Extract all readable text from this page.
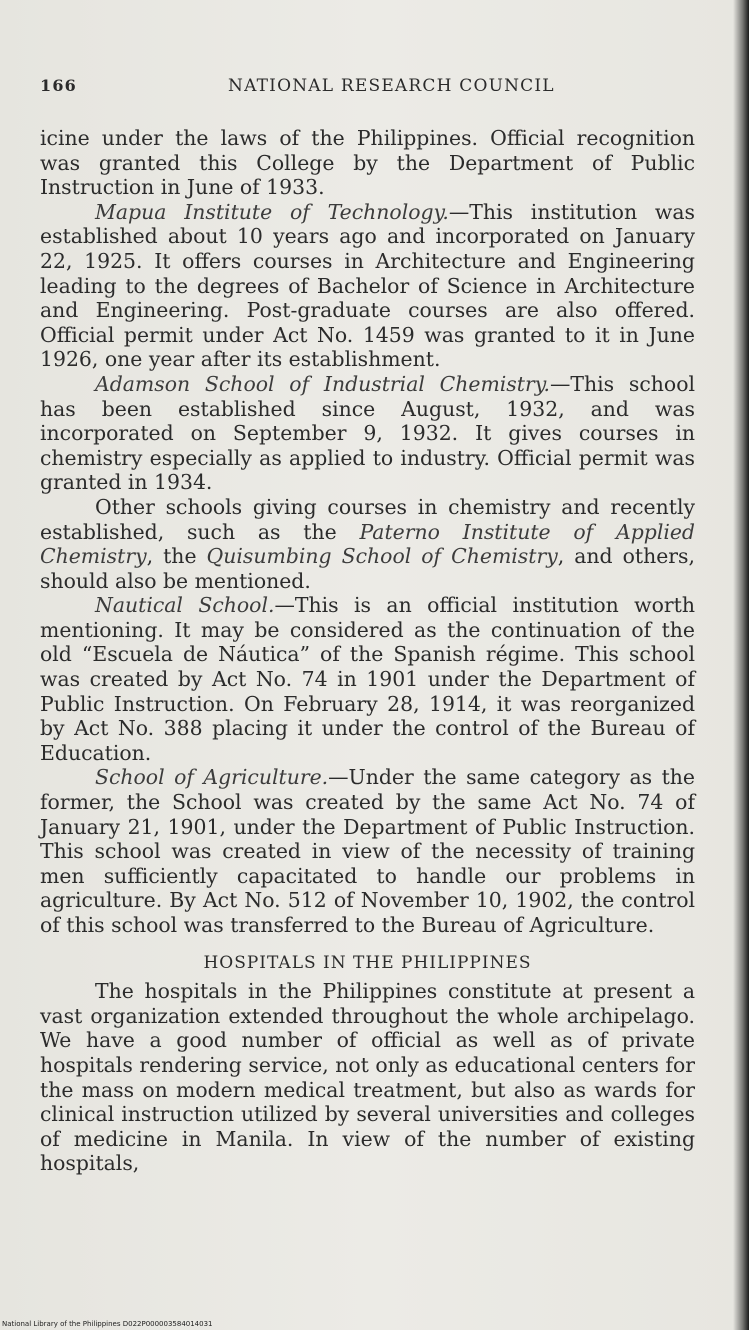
166	NATIONAL RESEARCH COUNCIL

icine under the laws of the Philippines. Official recognition was granted this College by the Department of Public Instruction in June of 1933.

Mapua Institute of Technology.—This institution was established about 10 years ago and incorporated on January 22, 1925. It offers courses in Architecture and Engineering leading to the degrees of Bachelor of Science in Architecture and Engineering. Post-graduate courses are also offered. Official permit under Act No. 1459 was granted to it in June 1926, one year after its establishment.

Adamson School of Industrial Chemistry.—This school has been established since August, 1932, and was incorporated on September 9, 1932. It gives courses in chemistry especially as applied to industry. Official permit was granted in 1934.

Other schools giving courses in chemistry and recently established, such as the Paterno Institute of Applied Chemistry, the Quisumbing School of Chemistry, and others, should also be mentioned.

Nautical School.—This is an official institution worth mentioning. It may be considered as the continuation of the old “Escuela de Náutica” of the Spanish régime. This school was created by Act No. 74 in 1901 under the Department of Public Instruction. On February 28, 1914, it was reorganized by Act No. 388 placing it under the control of the Bureau of Education.

School of Agriculture.—Under the same category as the former, the School was created by the same Act No. 74 of January 21, 1901, under the Department of Public Instruction. This school was created in view of the necessity of training men sufficiently capacitated to handle our problems in agriculture. By Act No. 512 of November 10, 1902, the control of this school was transferred to the Bureau of Agriculture.

HOSPITALS IN THE PHILIPPINES

The hospitals in the Philippines constitute at present a vast organization extended throughout the whole archipelago. We have a good number of official as well as of private hospitals rendering service, not only as educational centers for the mass on modern medical treatment, but also as wards for clinical instruction utilized by several universities and colleges of medicine in Manila. In view of the number of existing hospitals,

National Library of the Philippines D022P000003584014031
